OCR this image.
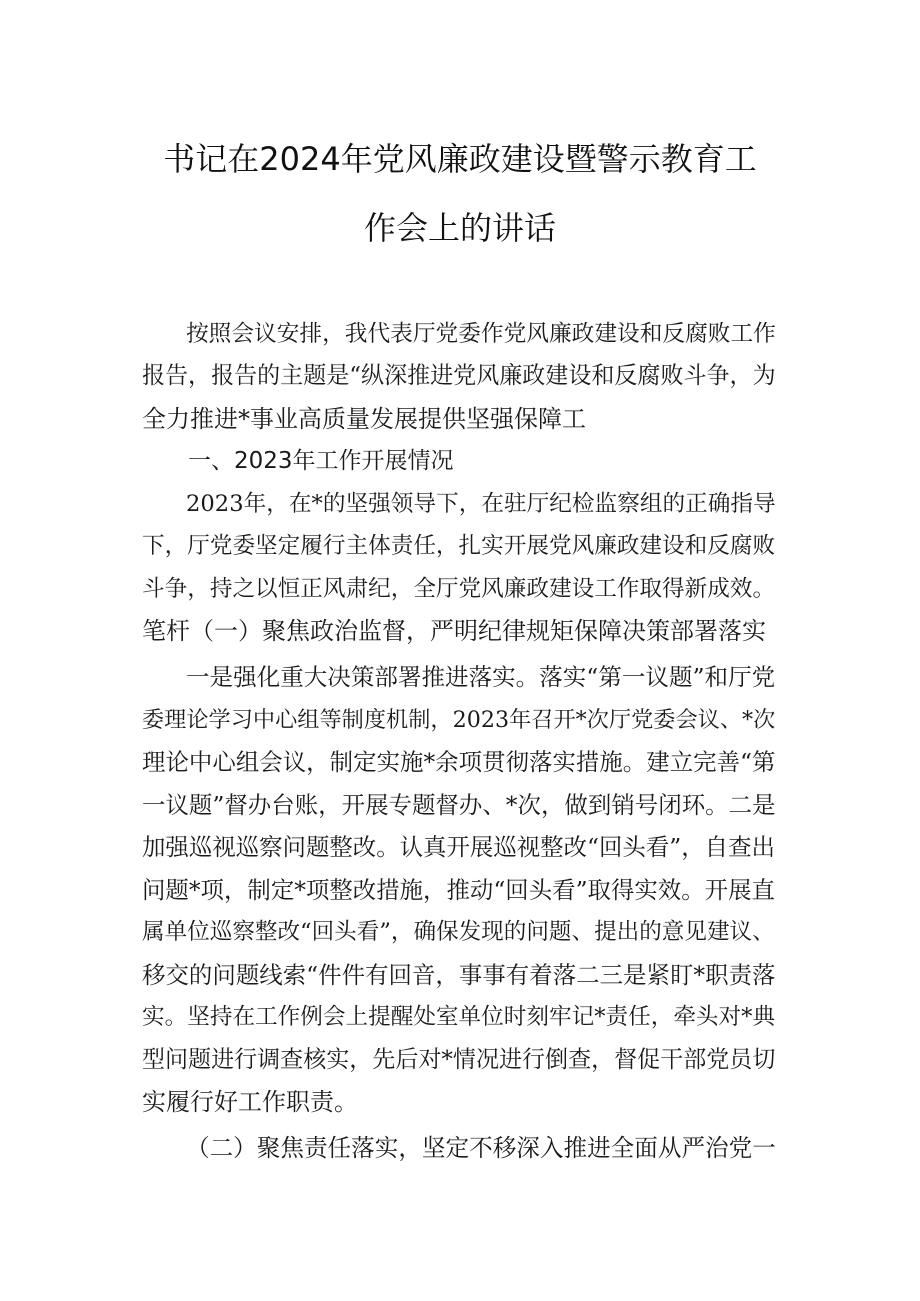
书记在2024年党风廉政建设暨警示教育工
作会上的讲话
按照会议安排，我代表厅党委作党风廉政建设和反腐败工作
报告，报告的主题是“纵深推进党风廉政建设和反腐败斗争，为
全力推进*事业高质量发展提供坚强保障工
一、2023年工作开展情况
2023年，在*的坚强领导下，在驻厅纪检监察组的正确指导
下，厅党委坚定履行主体责任，扎实开展党风廉政建设和反腐败
斗争，持之以恒正风肃纪，全厅党风廉政建设工作取得新成效。
笔杆（一）聚焦政治监督，严明纪律规矩保障决策部署落实
一是强化重大决策部署推进落实。落实“第一议题”和厅党
委理论学习中心组等制度机制，2023年召开*次厅党委会议、*次
理论中心组会议，制定实施*余项贯彻落实措施。建立完善“第
一议题”督办台账，开展专题督办、*次，做到销号闭环。二是
加强巡视巡察问题整改。认真开展巡视整改“回头看”，自查出
问题*项，制定*项整改措施，推动“回头看”取得实效。开展直
属单位巡察整改“回头看”，确保发现的问题、提出的意见建议、
移交的问题线索“件件有回音，事事有着落二三是紧盯*职责落
实。坚持在工作例会上提醒处室单位时刻牢记*责任，牵头对*典
型问题进行调查核实，先后对*情况进行倒查，督促干部党员切
实履行好工作职责。
（二）聚焦责任落实，坚定不移深入推进全面从严治党一
